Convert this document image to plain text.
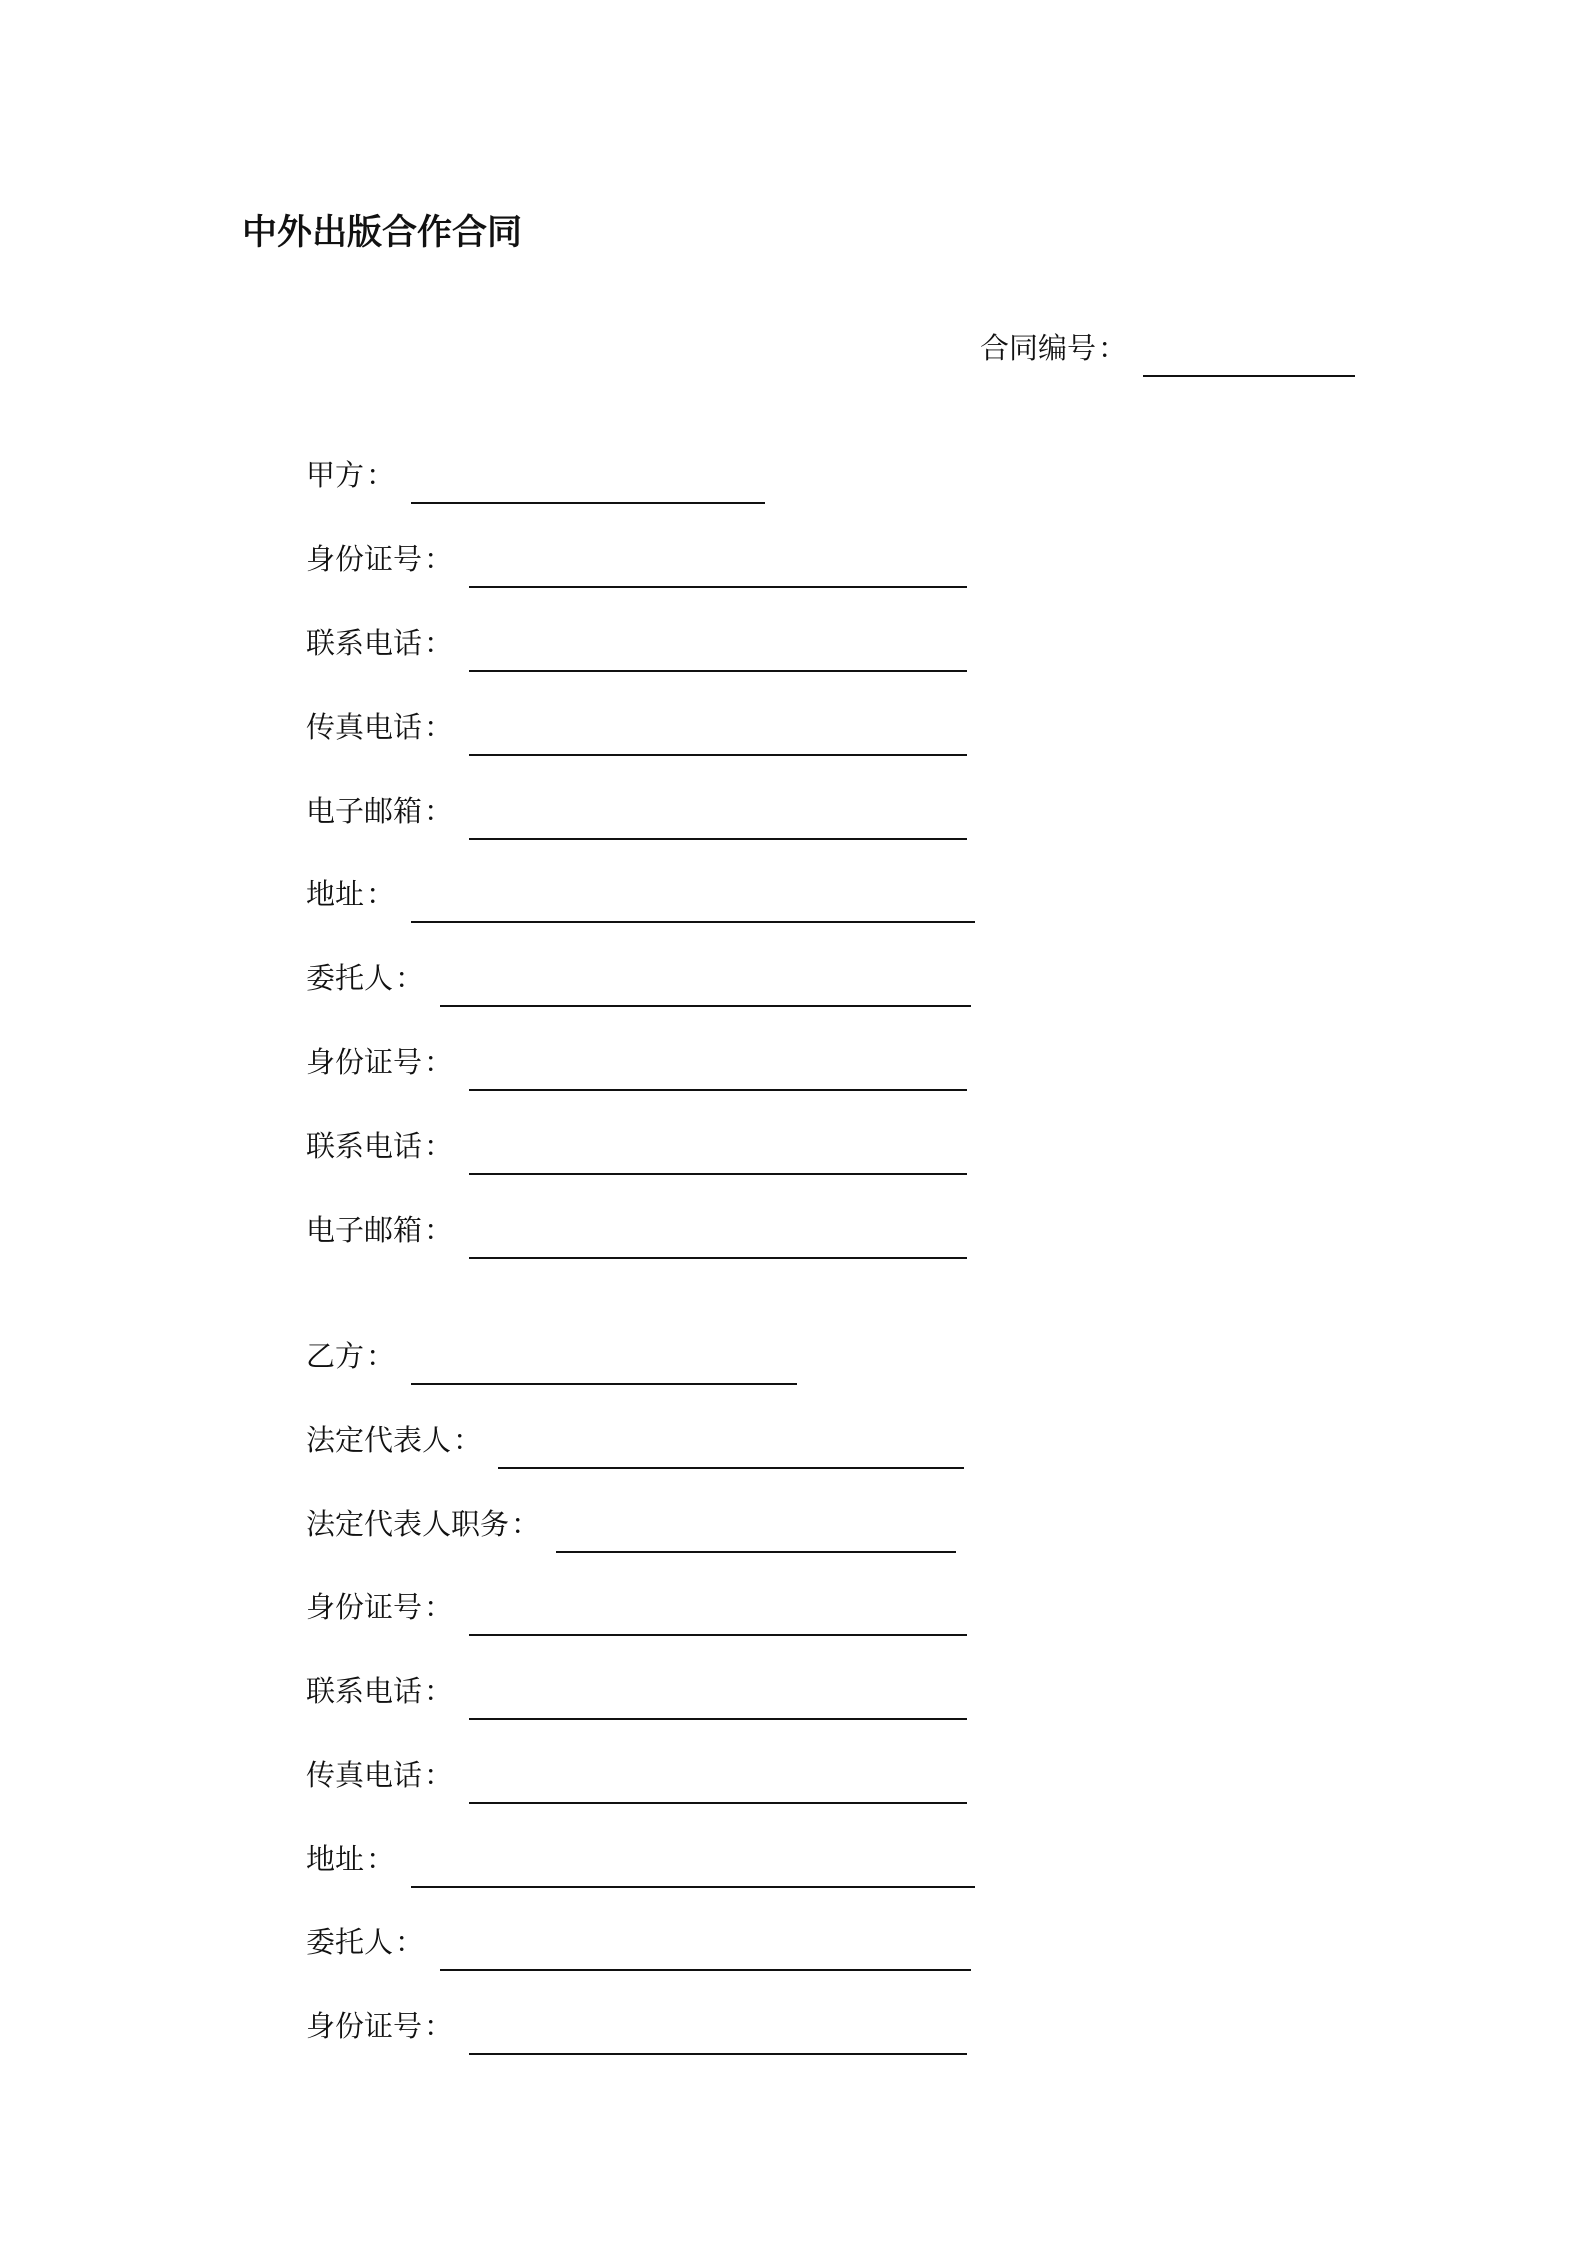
中外出版合作合同
合同编号 ：
甲方 ：
身份证号 ：
联系电话 ：
传真电话 ：
电子邮箱 ：
地址 ：
委托人 ：
身份证号 ：
联系电话 ：
电子邮箱 ：
乙方 ：
法定代表人 ：
法定代表人职务 ：
身份证号 ：
联系电话 ：
传真电话 ：
地址 ：
委托人 ：
身份证号 ：
